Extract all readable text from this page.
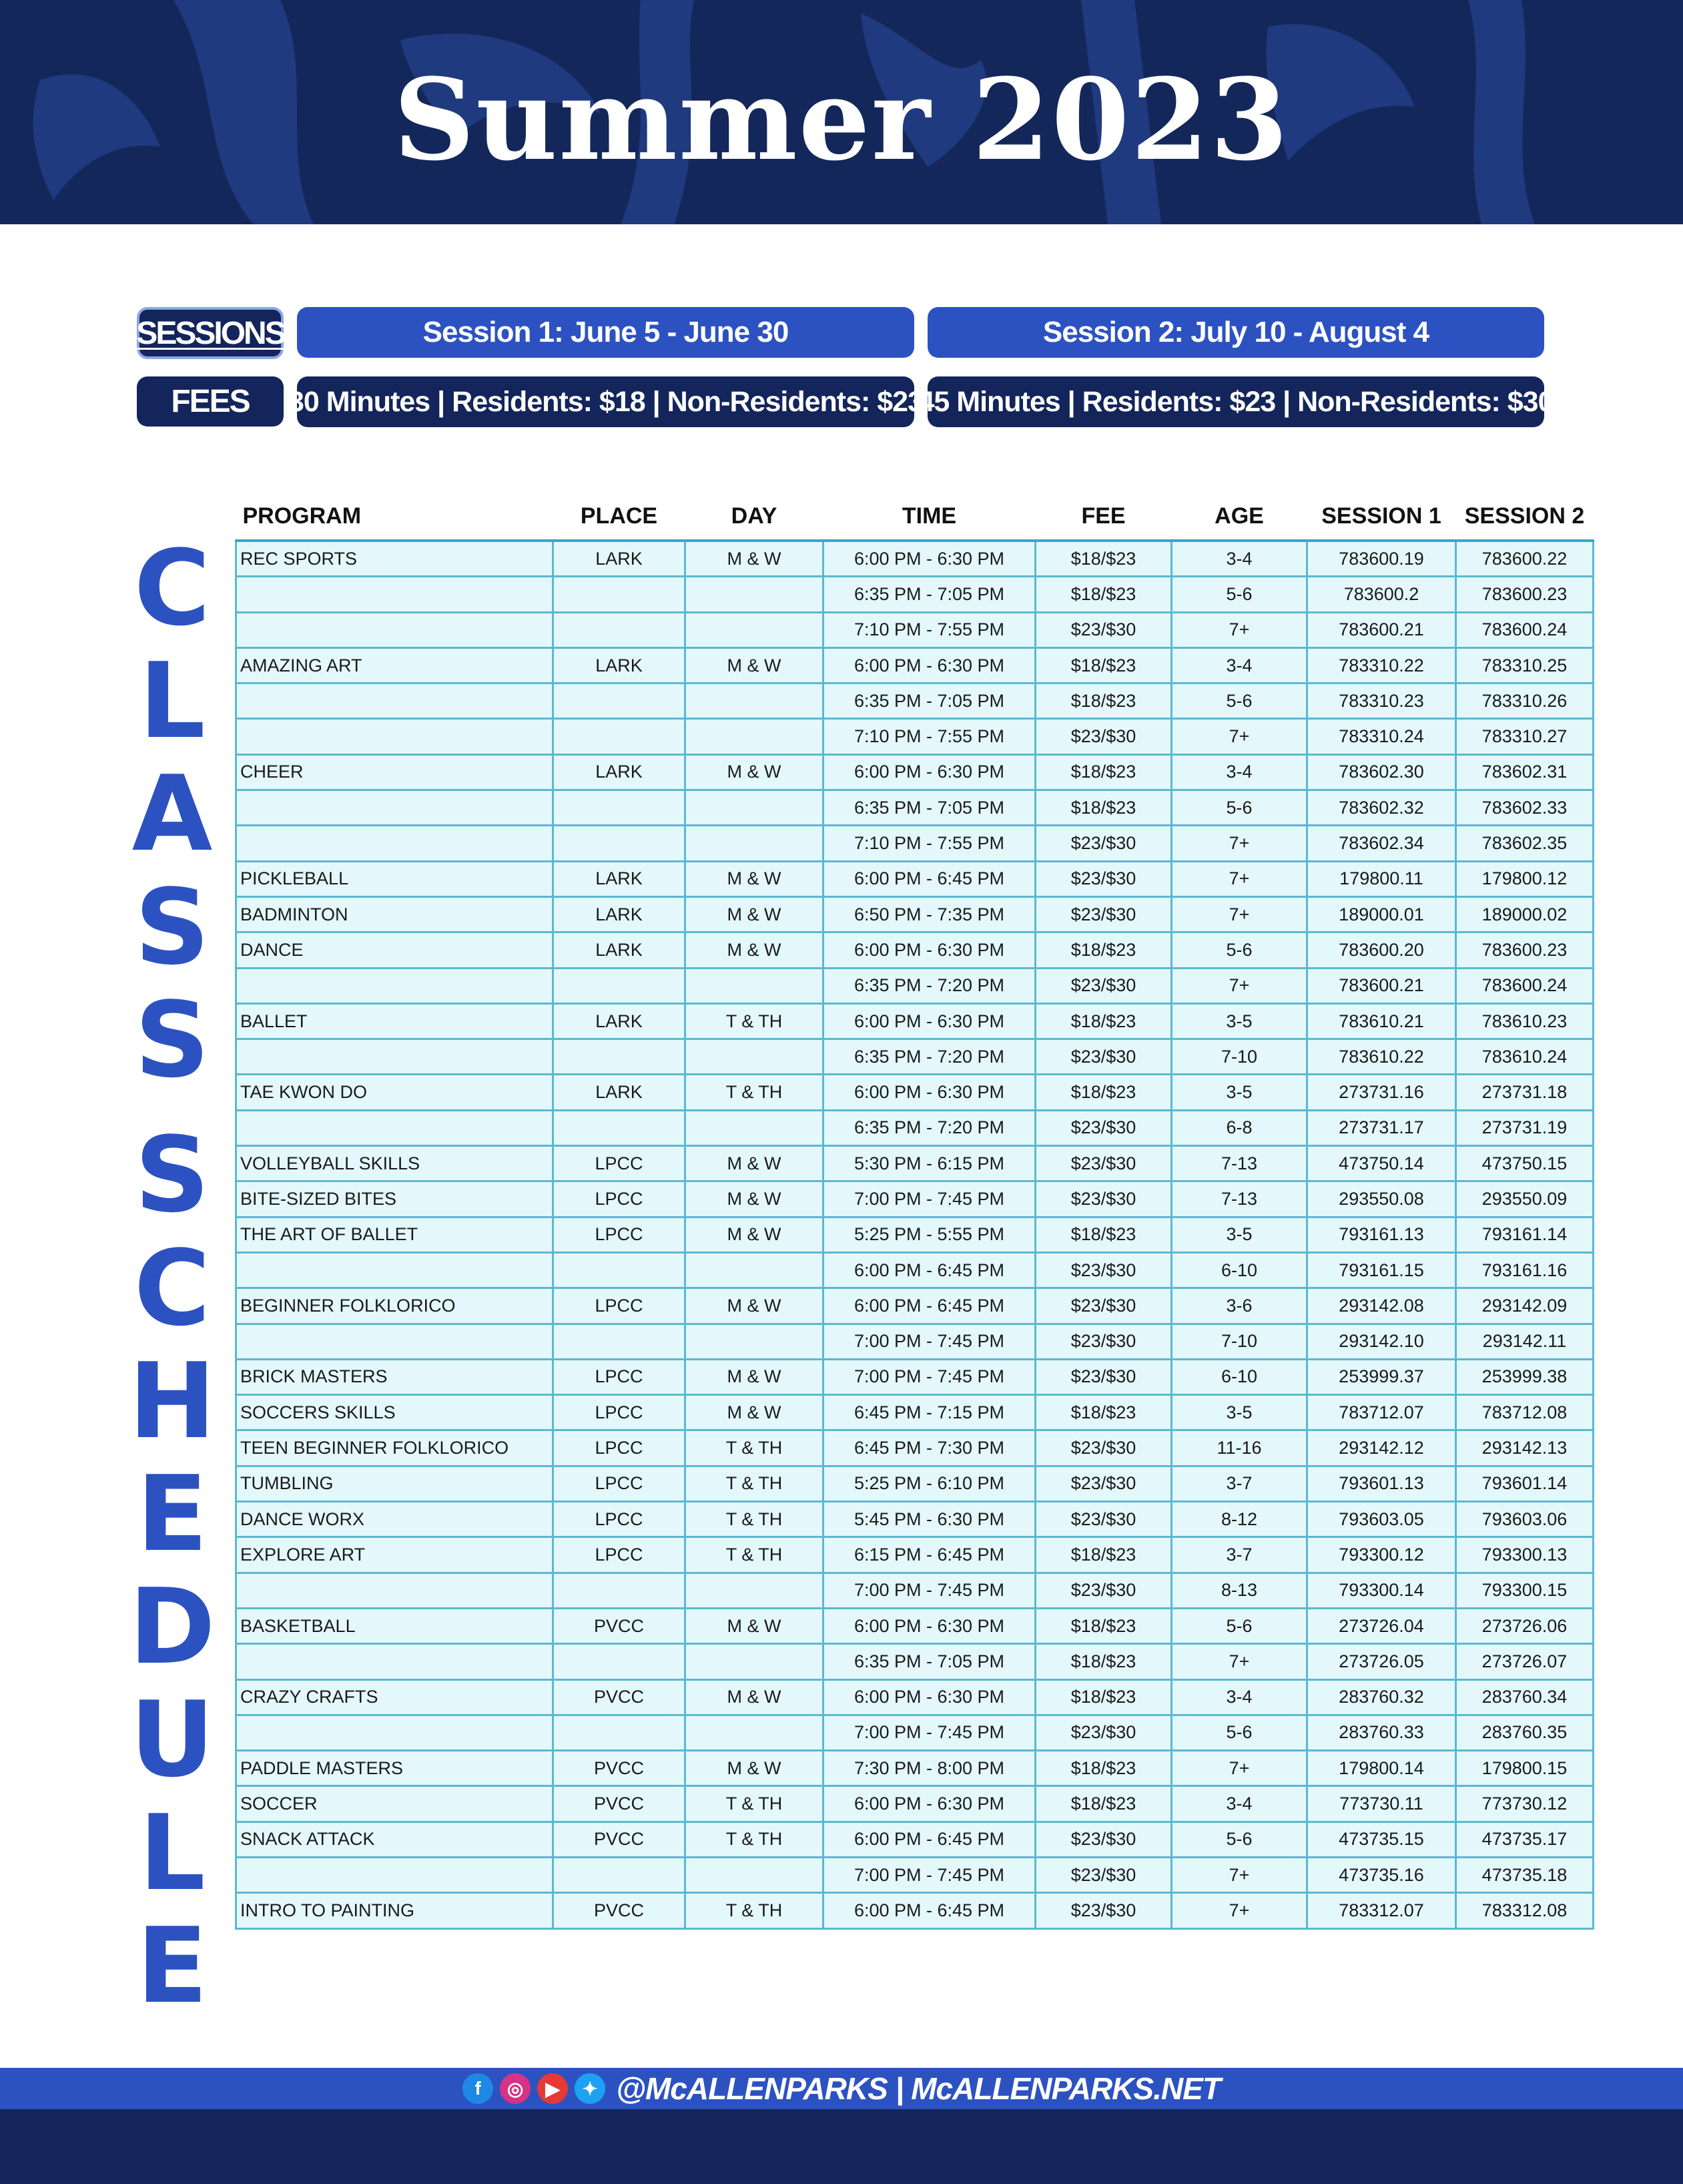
Summer 2023
SESSIONS	Session 1: June 5 - June 30	Session 2: July 10 - August 4
FEES	30 Minutes | Residents: $18 | Non-Residents: $23
45 Minutes | Residents: $23 | Non-Residents: $30
C
L
A
S
S
S
C
H
E
D
U
L
E
PROGRAM	PLACE	DAY	TIME	FEE	AGE	SESSION 1	SESSION 2
REC SPORTS	LARK	M & W	6:00 PM - 6:30 PM	$18/$23	3-4	783600.19	783600.22
			6:35 PM - 7:05 PM	$18/$23	5-6	783600.2	783600.23
			7:10 PM - 7:55 PM	$23/$30	7+	783600.21	783600.24
AMAZING ART	LARK	M & W	6:00 PM - 6:30 PM	$18/$23	3-4	783310.22	783310.25
			6:35 PM - 7:05 PM	$18/$23	5-6	783310.23	783310.26
			7:10 PM - 7:55 PM	$23/$30	7+	783310.24	783310.27
CHEER	LARK	M & W	6:00 PM - 6:30 PM	$18/$23	3-4	783602.30	783602.31
			6:35 PM - 7:05 PM	$18/$23	5-6	783602.32	783602.33
			7:10 PM - 7:55 PM	$23/$30	7+	783602.34	783602.35
PICKLEBALL	LARK	M & W	6:00 PM - 6:45 PM	$23/$30	7+	179800.11	179800.12
BADMINTON	LARK	M & W	6:50 PM - 7:35 PM	$23/$30	7+	189000.01	189000.02
DANCE	LARK	M & W	6:00 PM - 6:30 PM	$18/$23	5-6	783600.20	783600.23
			6:35 PM - 7:20 PM	$23/$30	7+	783600.21	783600.24
BALLET	LARK	T & TH	6:00 PM - 6:30 PM	$18/$23	3-5	783610.21	783610.23
			6:35 PM - 7:20 PM	$23/$30	7-10	783610.22	783610.24
TAE KWON DO	LARK	T & TH	6:00 PM - 6:30 PM	$18/$23	3-5	273731.16	273731.18
			6:35 PM - 7:20 PM	$23/$30	6-8	273731.17	273731.19
VOLLEYBALL SKILLS	LPCC	M & W	5:30 PM - 6:15 PM	$23/$30	7-13	473750.14	473750.15
BITE-SIZED BITES	LPCC	M & W	7:00 PM - 7:45 PM	$23/$30	7-13	293550.08	293550.09
THE ART OF BALLET	LPCC	M & W	5:25 PM - 5:55 PM	$18/$23	3-5	793161.13	793161.14
			6:00 PM - 6:45 PM	$23/$30	6-10	793161.15	793161.16
BEGINNER FOLKLORICO	LPCC	M & W	6:00 PM - 6:45 PM	$23/$30	3-6	293142.08	293142.09
			7:00 PM - 7:45 PM	$23/$30	7-10	293142.10	293142.11
BRICK MASTERS	LPCC	M & W	7:00 PM - 7:45 PM	$23/$30	6-10	253999.37	253999.38
SOCCERS SKILLS	LPCC	M & W	6:45 PM - 7:15 PM	$18/$23	3-5	783712.07	783712.08
TEEN BEGINNER FOLKLORICO	LPCC	T & TH	6:45 PM - 7:30 PM	$23/$30	11-16	293142.12	293142.13
TUMBLING	LPCC	T & TH	5:25 PM - 6:10 PM	$23/$30	3-7	793601.13	793601.14
DANCE WORX	LPCC	T & TH	5:45 PM - 6:30 PM	$23/$30	8-12	793603.05	793603.06
EXPLORE ART	LPCC	T & TH	6:15 PM - 6:45 PM	$18/$23	3-7	793300.12	793300.13
			7:00 PM - 7:45 PM	$23/$30	8-13	793300.14	793300.15
BASKETBALL	PVCC	M & W	6:00 PM - 6:30 PM	$18/$23	5-6	273726.04	273726.06
			6:35 PM - 7:05 PM	$18/$23	7+	273726.05	273726.07
CRAZY CRAFTS	PVCC	M & W	6:00 PM - 6:30 PM	$18/$23	3-4	283760.32	283760.34
			7:00 PM - 7:45 PM	$23/$30	5-6	283760.33	283760.35
PADDLE MASTERS	PVCC	M & W	7:30 PM - 8:00 PM	$18/$23	7+	179800.14	179800.15
SOCCER	PVCC	T & TH	6:00 PM - 6:30 PM	$18/$23	3-4	773730.11	773730.12
SNACK ATTACK	PVCC	T & TH	6:00 PM - 6:45 PM	$23/$30	5-6	473735.15	473735.17
			7:00 PM - 7:45 PM	$23/$30	7+	473735.16	473735.18
INTRO TO PAINTING	PVCC	T & TH	6:00 PM - 6:45 PM	$23/$30	7+	783312.07	783312.08
f	◎	▶	✦ @McALLENPARKS | McALLENPARKS.NET
